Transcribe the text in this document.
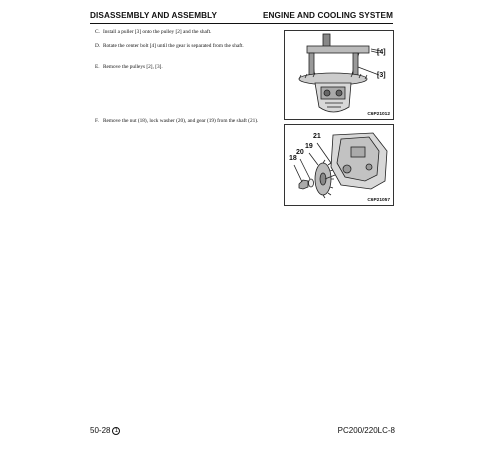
DISASSEMBLY AND ASSEMBLY	ENGINE AND COOLING SYSTEM
C. Install a puller [3] onto the pulley [2] and the shaft.
D. Rotate the center bolt [4] until the gear is separated from the shaft.
E. Remove the pulleys [2], [3].
F. Remove the nut (18), lock washer (20), and gear (19) from the shaft (21).
[4]
[3]
C6P21012
21
19
20
18
C6P21057
50-28 1	PC200/220LC-8
